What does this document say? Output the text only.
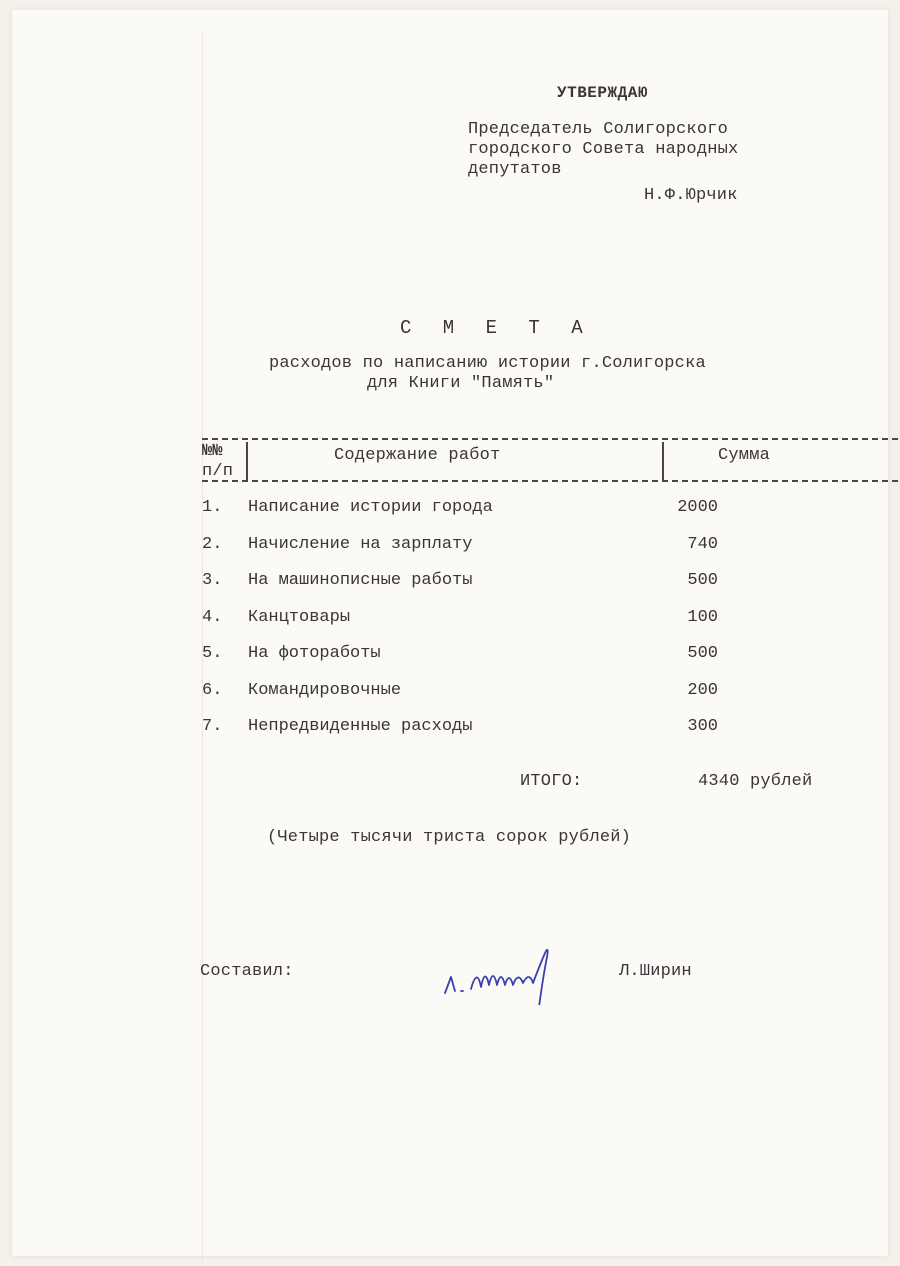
УТВЕРЖДАЮ
Председатель Солигорского
городского Совета народных
депутатов
Н.Ф.Юрчик
С М Е Т А
расходов по написанию истории г.Солигорска
для Книги "Память"
№№
п/п
Содержание работ	Сумма
1. Написание истории города	2000
2. Начисление на зарплату	740
3. На машинописные работы	500
4. Канцтовары	100
5. На фотоработы	500
6. Командировочные	200
7. Непредвиденные расходы	300
ИТОГО:	4340 рублей
(Четыре тысячи триста сорок рублей)
Составил:	Л.Ширин
